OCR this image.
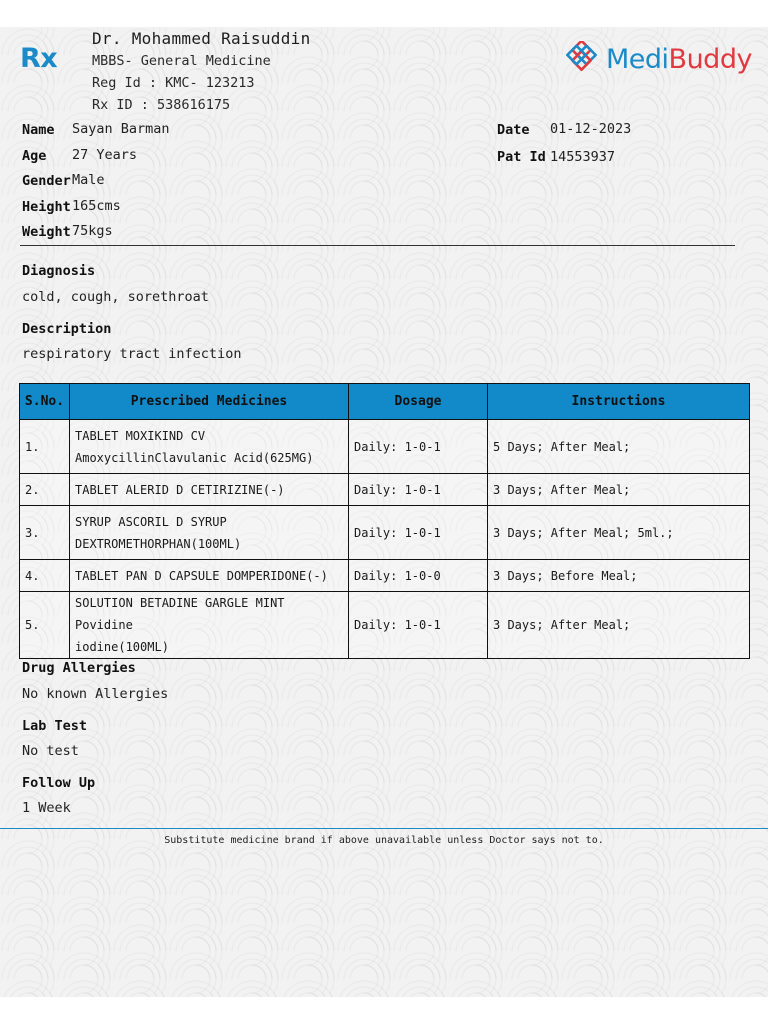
Rx
Dr. Mohammed Raisuddin
MBBS- General Medicine
Reg Id : KMC- 123213
Rx ID : 538616175
MediBuddy
Name Sayan Barman
Age 27 Years
Gender Male
Height 165cms
Weight 75kgs
Date 01-12-2023
Pat Id 14553937
Diagnosis
cold, cough, sorethroat
Description
respiratory tract infection
S.No.	Prescribed Medicines	Dosage	Instructions
1.	TABLET MOXIKIND CV
AmoxycillinClavulanic Acid(625MG)	Daily: 1-0-1	5 Days; After Meal;
2.	TABLET ALERID D CETIRIZINE(-)	Daily: 1-0-1	3 Days; After Meal;
3.	SYRUP ASCORIL D SYRUP
DEXTROMETHORPHAN(100ML)	Daily: 1-0-1	3 Days; After Meal; 5ml.;
4.	TABLET PAN D CAPSULE DOMPERIDONE(-)	Daily: 1-0-0	3 Days; Before Meal;
5.	SOLUTION BETADINE GARGLE MINT Povidine
iodine(100ML)	Daily: 1-0-1	3 Days; After Meal;
Drug Allergies
No known Allergies
Lab Test
No test
Follow Up
1 Week
Substitute medicine brand if above unavailable unless Doctor says not to.
